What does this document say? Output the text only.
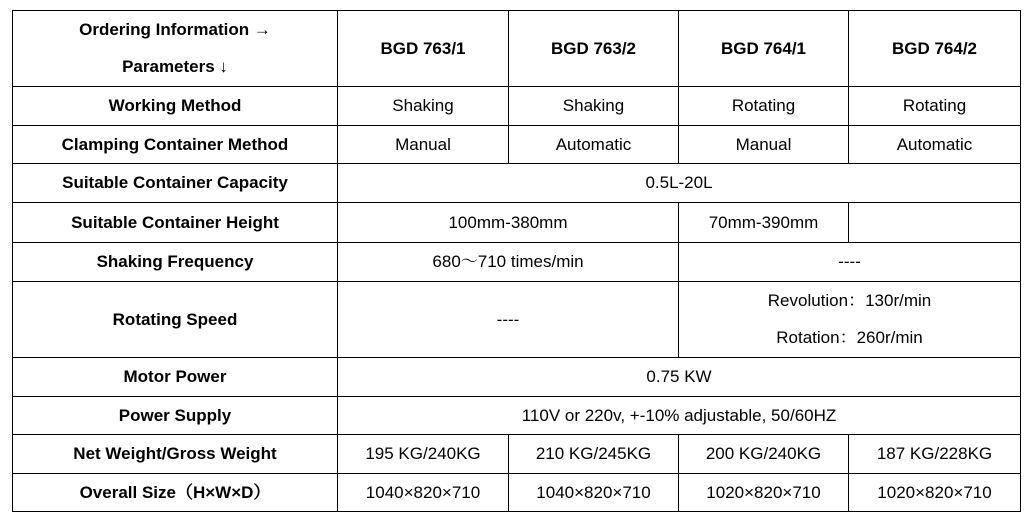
Ordering Information →
Parameters ↓	BGD 763/1	BGD 763/2	BGD 764/1	BGD 764/2
Working Method	Shaking	Shaking	Rotating	Rotating
Clamping Container Method	Manual	Automatic	Manual	Automatic
Suitable Container Capacity	0.5L-20L			
Suitable Container Height	100mm-380mm		70mm-390mm	
Shaking Frequency	680～710 times/min		----	
Rotating Speed	----		Revolution：130r/min
Rotation：260r/min	

Motor Power	0.75 KW			
Power Supply	110V or 220v, +-10% adjustable, 50/60HZ			
Net Weight/Gross Weight	195 KG/240KG	210 KG/245KG	200 KG/240KG	187 KG/228KG
Overall Size（H×W×D）	1040×820×710	1040×820×710	1020×820×710	1020×820×710
